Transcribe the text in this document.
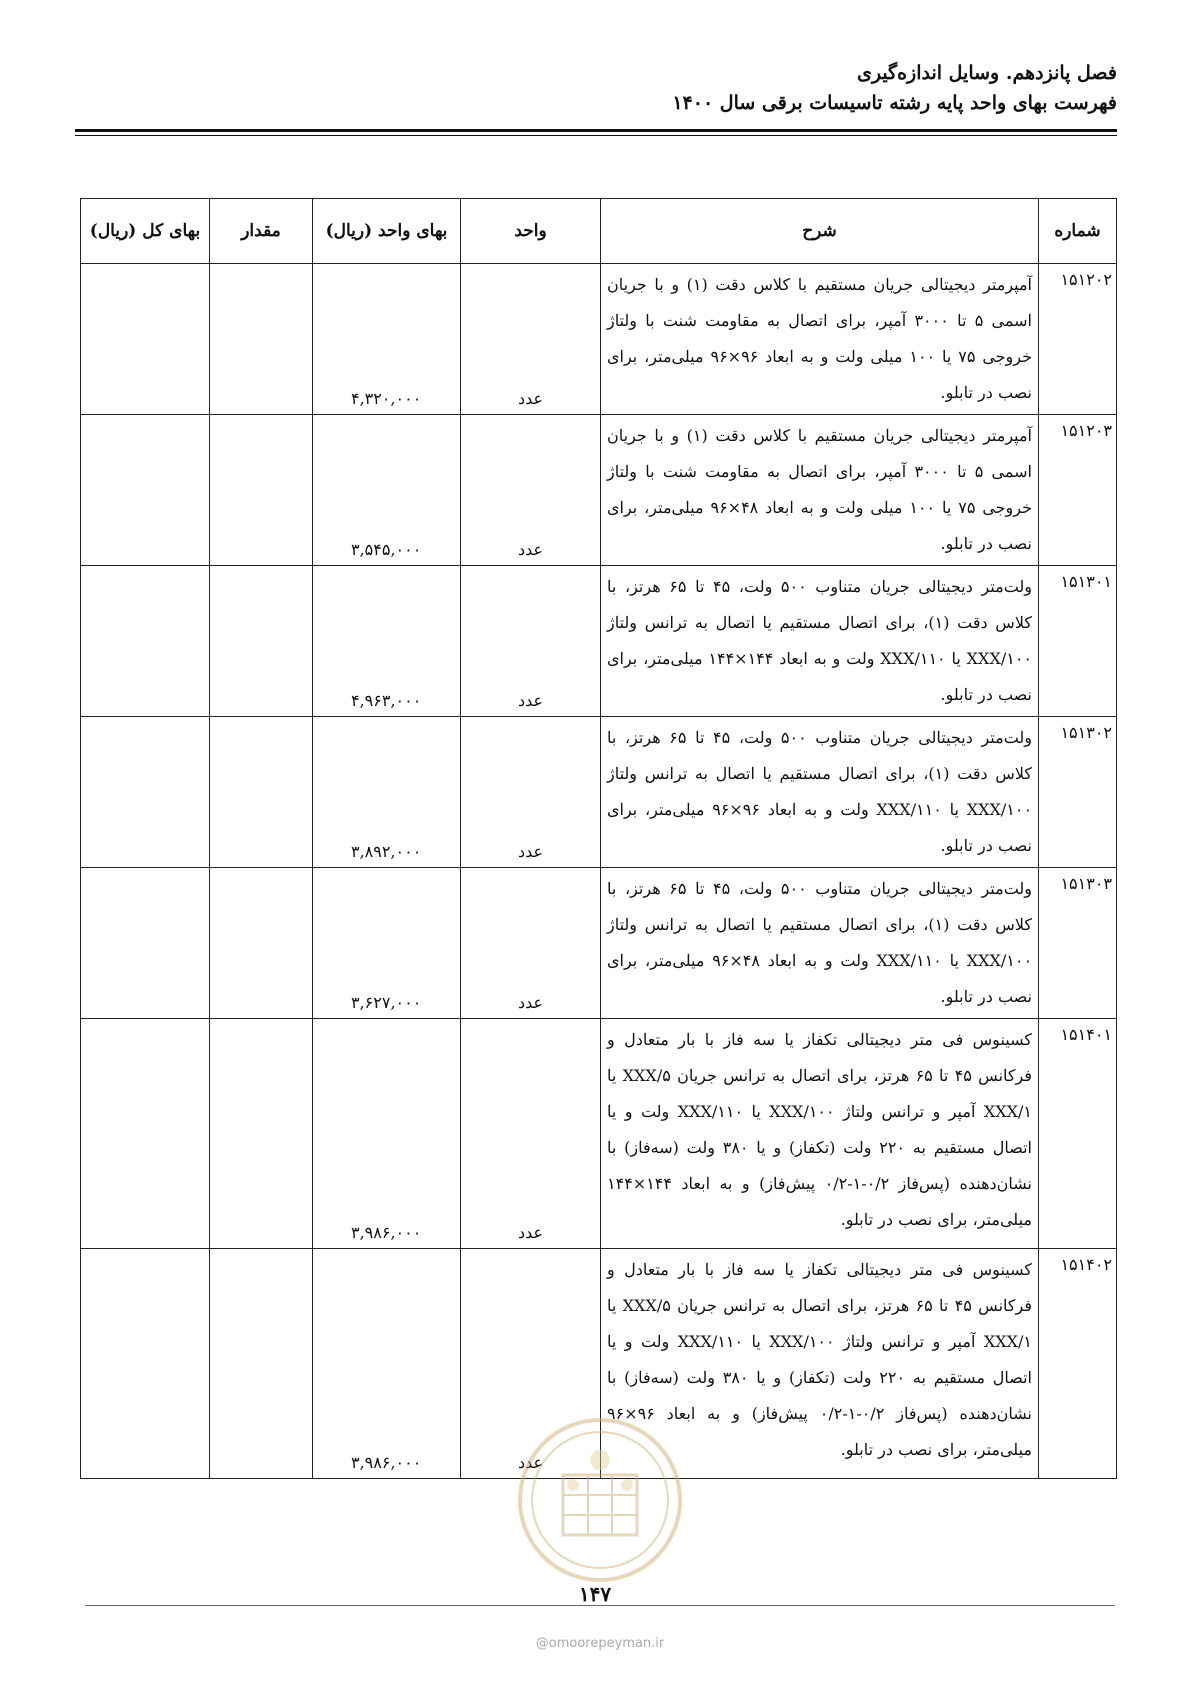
فصل پانزدهم. وسایل اندازه‌گیری
فهرست بهای واحد پایه رشته تاسیسات برقی سال ۱۴۰۰
شماره	شرح	واحد	بهای واحد (ریال)	مقدار	بهای کل (ریال)
۱۵۱۲۰۲	آمپرمتر دیجیتالی جریان مستقیم با کلاس دقت (۱) و با جریان اسمی ۵ تا ۳۰۰۰ آمپر، برای اتصال به مقاومت شنت با ولتاژ خروجی ۷۵ یا ۱۰۰ میلی ولت و به ابعاد ۹۶×۹۶ میلی‌متر، برای نصب در تابلو.	عدد	۴,۳۲۰,۰۰۰		
۱۵۱۲۰۳	آمپرمتر دیجیتالی جریان مستقیم با کلاس دقت (۱) و با جریان اسمی ۵ تا ۳۰۰۰ آمپر، برای اتصال به مقاومت شنت با ولتاژ خروجی ۷۵ یا ۱۰۰ میلی ولت و به ابعاد ۴۸×۹۶ میلی‌متر، برای نصب در تابلو.	عدد	۳,۵۴۵,۰۰۰		
۱۵۱۳۰۱	ولت‌متر دیجیتالی جریان متناوب ۵۰۰ ولت، ۴۵ تا ۶۵ هرتز، با کلاس دقت (۱)، برای اتصال مستقیم یا اتصال به ترانس ولتاژ XXX/۱۰۰ یا XXX/۱۱۰ ولت و به ابعاد ۱۴۴×۱۴۴ میلی‌متر، برای نصب در تابلو.	عدد	۴,۹۶۳,۰۰۰		
۱۵۱۳۰۲	ولت‌متر دیجیتالی جریان متناوب ۵۰۰ ولت، ۴۵ تا ۶۵ هرتز، با کلاس دقت (۱)، برای اتصال مستقیم یا اتصال به ترانس ولتاژ XXX/۱۰۰ یا XXX/۱۱۰ ولت و به ابعاد ۹۶×۹۶ میلی‌متر، برای نصب در تابلو.	عدد	۳,۸۹۲,۰۰۰		
۱۵۱۳۰۳	ولت‌متر دیجیتالی جریان متناوب ۵۰۰ ولت، ۴۵ تا ۶۵ هرتز، با کلاس دقت (۱)، برای اتصال مستقیم یا اتصال به ترانس ولتاژ XXX/۱۰۰ یا XXX/۱۱۰ ولت و به ابعاد ۴۸×۹۶ میلی‌متر، برای نصب در تابلو.	عدد	۳,۶۲۷,۰۰۰		
۱۵۱۴۰۱	کسینوس فی متر دیجیتالی تکفاز یا سه فاز با بار متعادل و فرکانس ۴۵ تا ۶۵ هرتز، برای اتصال به ترانس جریان XXX/۵ یا XXX/۱ آمپر و ترانس ولتاژ XXX/۱۰۰ یا XXX/۱۱۰ ولت و یا اتصال مستقیم به ۲۲۰ ولت (تکفاز) و یا ۳۸۰ ولت (سه‌فاز) با نشان‌دهنده (پس‌فاز ۰/۲-۱-۰/۲ پیش‌فاز) و به ابعاد ۱۴۴×۱۴۴ میلی‌متر، برای نصب در تابلو.	عدد	۳,۹۸۶,۰۰۰		
۱۵۱۴۰۲	کسینوس فی متر دیجیتالی تکفاز یا سه فاز با بار متعادل و فرکانس ۴۵ تا ۶۵ هرتز، برای اتصال به ترانس جریان XXX/۵ یا XXX/۱ آمپر و ترانس ولتاژ XXX/۱۰۰ یا XXX/۱۱۰ ولت و یا اتصال مستقیم به ۲۲۰ ولت (تکفاز) و یا ۳۸۰ ولت (سه‌فاز) با نشان‌دهنده (پس‌فاز ۰/۲-۱-۰/۲ پیش‌فاز) و به ابعاد ۹۶×۹۶ میلی‌متر، برای نصب در تابلو.	عدد	۳,۹۸۶,۰۰۰		
۱۴۷
@omoorepeyman.ir
